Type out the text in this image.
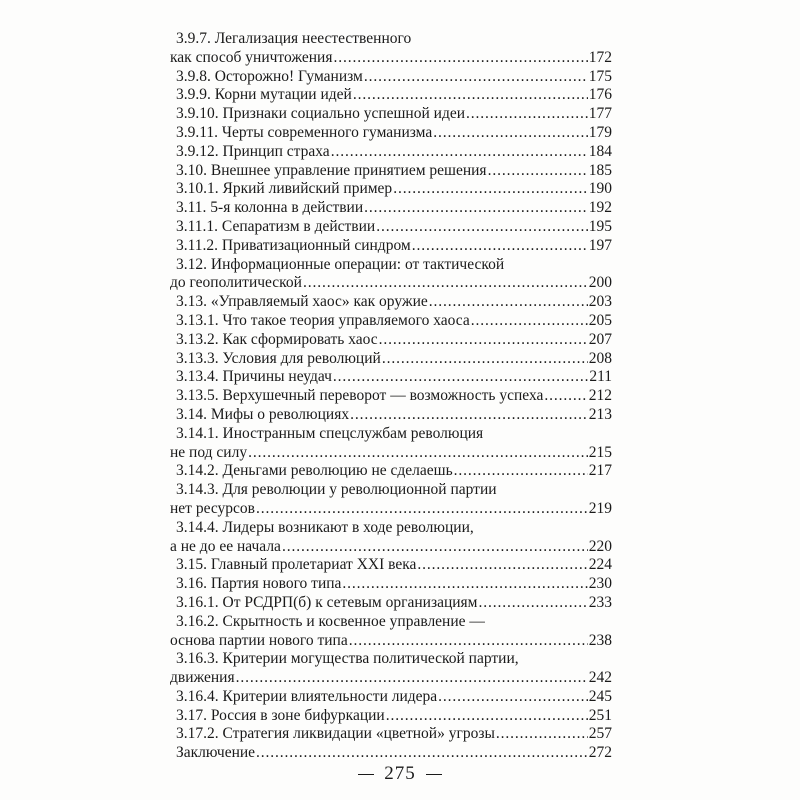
3.9.7. Легализация неестественного
как способ уничтожения . . .	172
3.9.8. Осторожно! Гуманизм . . .	175
3.9.9. Корни мутации идей . . .	176
3.9.10. Признаки социально успешной идеи . . .	177
3.9.11. Черты современного гуманизма . . .	179
3.9.12. Принцип страха . . .	184
3.10. Внешнее управление принятием решения . . .	185
3.10.1. Яркий ливийский пример . . .	190
3.11. 5-я колонна в действии . . .	192
3.11.1. Сепаратизм в действии . . .	195
3.11.2. Приватизационный синдром . . .	197
3.12. Информационные операции: от тактической
до геополитической . . .	200
3.13. «Управляемый хаос» как оружие . . .	203
3.13.1. Что такое теория управляемого хаоса . . .	205
3.13.2. Как сформировать хаос . . .	207
3.13.3. Условия для революций . . .	208
3.13.4. Причины неудач . . .	211
3.13.5. Верхушечный переворот — возможность успеха . . .	212
3.14. Мифы о революциях . . .	213
3.14.1. Иностранным спецслужбам революция
не под силу . . .	215
3.14.2. Деньгами революцию не сделаешь . . .	217
3.14.3. Для революции у революционной партии
нет ресурсов . . .	219
3.14.4. Лидеры возникают в ходе революции,
а не до ее начала . . .	220
3.15. Главный пролетариат XXI века . . .	224
3.16. Партия нового типа . . .	230
3.16.1. От РСДРП(б) к сетевым организациям . . .	233
3.16.2. Скрытность и косвенное управление —
основа партии нового типа . . .	238
3.16.3. Критерии могущества политической партии,
движения . . .	242
3.16.4. Критерии влиятельности лидера . . .	245
3.17. Россия в зоне бифуркации . . .	251
3.17.2. Стратегия ликвидации «цветной» угрозы . . .	257
Заключение . . .	272
275
